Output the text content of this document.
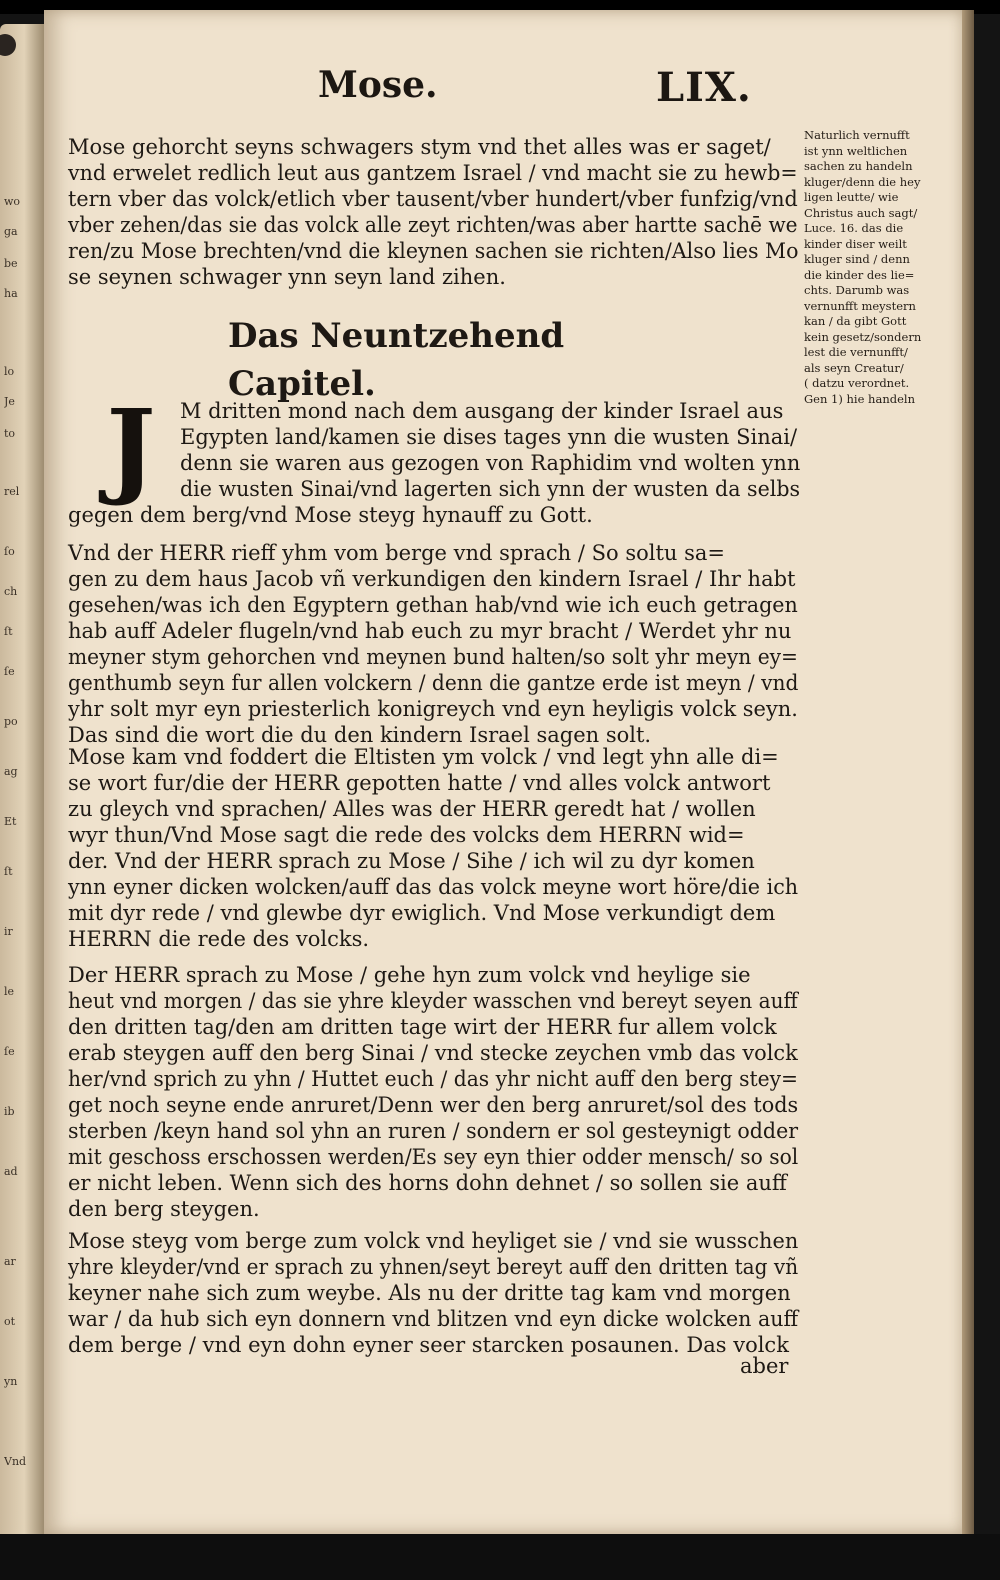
wo
ga
be
ha
lo
Je
to
rel
ſo
ch
ſt
ſe
po
ag
Et
ſt
ir
le
ſe
ib
ad
ar
ot
yn
Vnd
Mose.	LIX.
Mose gehorcht seyns schwagers stym vnd thet alles was er saget/
vnd erwelet redlich leut aus gantzem Israel / vnd macht sie zu hewb=
tern vber das volck/etlich vber tausent/vber hundert/vber funfzig/vnd
vber zehen/das sie das volck alle zeyt richten/was aber hartte sachē we
ren/zu Mose brechten/vnd die kleynen sachen sie richten/Also lies Mo
se seynen schwager ynn seyn land zihen.
Das Neuntzehend
Capitel.
J	M dritten mond nach dem ausgang der kinder Israel aus
Egypten land/kamen sie dises tages ynn die wusten Sinai/
denn sie waren aus gezogen von Raphidim vnd wolten ynn
die wusten Sinai/vnd lagerten sich ynn der wusten da selbs
gegen dem berg/vnd Mose steyg hynauff zu Gott.
Vnd der HERR rieff yhm vom berge vnd sprach / So soltu sa=
gen zu dem haus Jacob vñ verkundigen den kindern Israel / Ihr habt
gesehen/was ich den Egyptern gethan hab/vnd wie ich euch getragen
hab auff Adeler flugeln/vnd hab euch zu myr bracht / Werdet yhr nu
meyner stym gehorchen vnd meynen bund halten/so solt yhr meyn ey=
genthumb seyn fur allen volckern / denn die gantze erde ist meyn / vnd
yhr solt myr eyn priesterlich konigreych vnd eyn heyligis volck seyn.
Das sind die wort die du den kindern Israel sagen solt.
Mose kam vnd foddert die Eltisten ym volck / vnd legt yhn alle di=
se wort fur/die der HERR gepotten hatte / vnd alles volck antwort
zu gleych vnd sprachen/ Alles was der HERR geredt hat / wollen
wyr thun/Vnd Mose sagt die rede des volcks dem HERRN wid=
der. Vnd der HERR sprach zu Mose / Sihe / ich wil zu dyr komen
ynn eyner dicken wolcken/auff das das volck meyne wort höre/die ich
mit dyr rede / vnd glewbe dyr ewiglich. Vnd Mose verkundigt dem
HERRN die rede des volcks.
Der HERR sprach zu Mose / gehe hyn zum volck vnd heylige sie
heut vnd morgen / das sie yhre kleyder wasschen vnd bereyt seyen auff
den dritten tag/den am dritten tage wirt der HERR fur allem volck
erab steygen auff den berg Sinai / vnd stecke zeychen vmb das volck
her/vnd sprich zu yhn / Huttet euch / das yhr nicht auff den berg stey=
get noch seyne ende anruret/Denn wer den berg anruret/sol des tods
sterben /keyn hand sol yhn an ruren / sondern er sol gesteynigt odder
mit geschoss erschossen werden/Es sey eyn thier odder mensch/ so sol
er nicht leben. Wenn sich des horns dohn dehnet / so sollen sie auff
den berg steygen.
Mose steyg vom berge zum volck vnd heyliget sie / vnd sie wusschen
yhre kleyder/vnd er sprach zu yhnen/seyt bereyt auff den dritten tag vñ
keyner nahe sich zum weybe. Als nu der dritte tag kam vnd morgen
war / da hub sich eyn donnern vnd blitzen vnd eyn dicke wolcken auff
dem berge / vnd eyn dohn eyner seer starcken posaunen. Das volck
aber
Naturlich vernufft
ist ynn weltlichen
sachen zu handeln
kluger/denn die hey
ligen leutte/ wie
Christus auch sagt/
Luce. 16. das die
kinder diser weilt
kluger sind / denn
die kinder des lie=
chts. Darumb was
vernunfft meystern
kan / da gibt Gott
kein gesetz/sondern
lest die vernunfft/
als seyn Creatur/
( datzu verordnet.
Gen 1) hie handeln
